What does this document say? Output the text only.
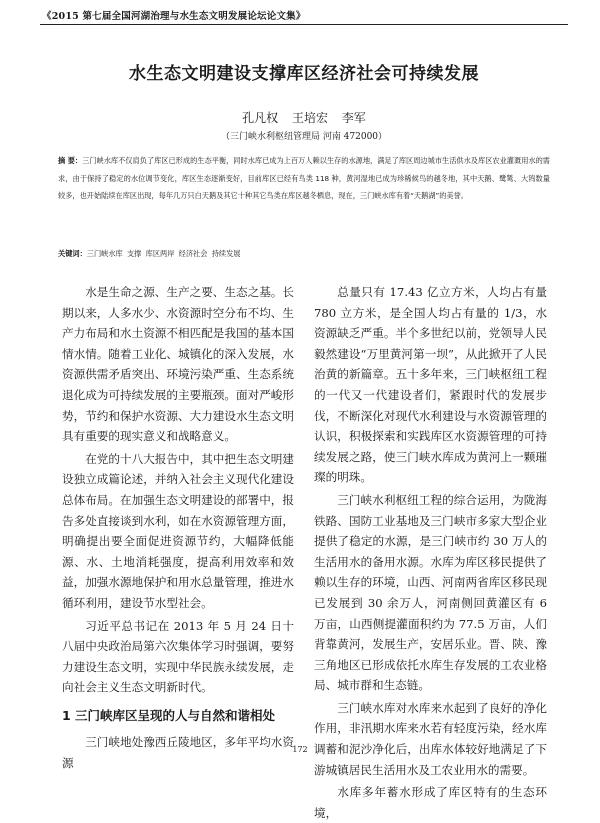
《2015 第七届全国河湖治理与水生态文明发展论坛论文集》
水生态文明建设支撑库区经济社会可持续发展
孔凡权 王培宏 李军
（三门峡水利枢纽管理局 河南 472000）

摘 要：三门峡水库不仅肩负了库区已形成的生态平衡，同时水库已成为上百万人赖以生存的水源地，满足了库区周边城市生活供水及库区农业灌溉用水的需求，由于保持了稳定的水位调节变化，库区生态逐渐变好，目前库区已经有鸟类 118 种，黄河湿地已成为珍稀候鸟的越冬地，其中天鹅、鹭鸶、大鸨数量较多，也开始陆续在库区出现，每年几万只白天鹅及其它十种其它鸟类在库区越冬栖息，现在，三门峡水库有着“天鹅湖”的美誉。

关键词：三门峡水库 支撑 库区两岸 经济社会 持续发展

水是生命之源、生产之要、生态之基。长期以来，人多水少、水资源时空分布不均、生产力布局和水土资源不相匹配是我国的基本国情水情。随着工业化、城镇化的深入发展，水资源供需矛盾突出、环境污染严重、生态系统退化成为可持续发展的主要瓶颈。面对严峻形势，节约和保护水资源、大力建设水生态文明具有重要的现实意义和战略意义。

在党的十八大报告中，其中把生态文明建设独立成篇论述，并纳入社会主义现代化建设总体布局。在加强生态文明建设的部署中，报告多处直接谈到水利，如在水资源管理方面，明确提出要全面促进资源节约，大幅降低能源、水、土地消耗强度，提高利用效率和效益，加强水源地保护和用水总量管理，推进水循环利用，建设节水型社会。

习近平总书记在 2013 年 5 月 24 日十八届中央政治局第六次集体学习时强调，要努力建设生态文明，实现中华民族永续发展，走向社会主义生态文明新时代。

1 三门峡库区呈现的人与自然和谐相处

三门峡地处豫西丘陵地区，多年平均水资源

总量只有 17.43 亿立方米，人均占有量 780 立方米，是全国人均占有量的 1/3，水资源缺乏严重。半个多世纪以前，党领导人民毅然建设“万里黄河第一坝”，从此掀开了人民治黄的新篇章。五十多年来，三门峡枢纽工程的一代又一代建设者们，紧跟时代的发展步伐，不断深化对现代水利建设与水资源管理的认识，积极探索和实践库区水资源管理的可持续发展之路，使三门峡水库成为黄河上一颗璀璨的明珠。

三门峡水利枢纽工程的综合运用，为陇海铁路、国防工业基地及三门峡市多家大型企业提供了稳定的水源，是三门峡市约 30 万人的生活用水的备用水源。水库为库区移民提供了赖以生存的环境，山西、河南两省库区移民现已发展到 30 余万人，河南侧回黄灌区有 6 万亩，山西侧提灌面积约为 77.5 万亩，人们背靠黄河，发展生产，安居乐业。晋、陕、豫三角地区已形成依托水库生存发展的工农业格局、城市群和生态链。

三门峡水库对水库来水起到了良好的净化作用，非汛期水库来水若有轻度污染，经水库调蓄和泥沙净化后，出库水体较好地满足了下游城镇居民生活用水及工农业用水的需要。

水库多年蓄水形成了库区特有的生态环境，

172
